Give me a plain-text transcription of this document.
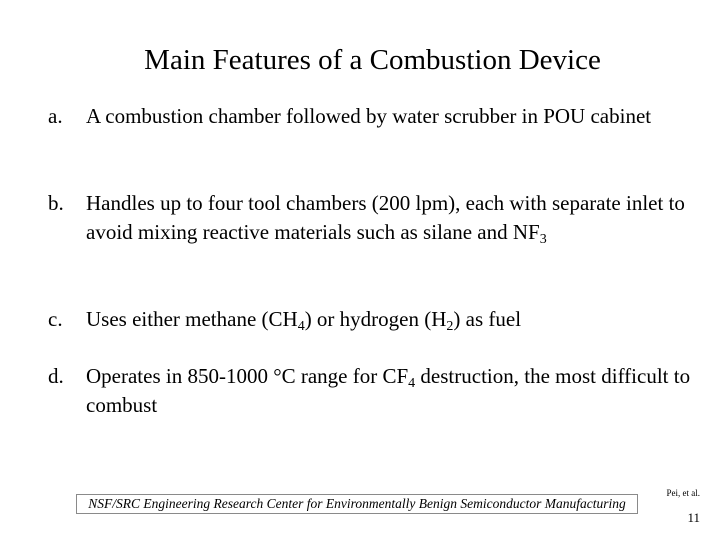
Main Features of a Combustion Device
a. A combustion chamber followed by water scrubber in POU cabinet
b. Handles up to four tool chambers (200 lpm), each with separate inlet to avoid mixing reactive materials such as silane and $NF_3$
c. Uses either methane $(CH_4)$ or hydrogen $(H_2)$ as fuel
d. Operates in 850-1000 °C range for $CF_4$ destruction, the most difficult to combust
NSF/SRC Engineering Research Center for Environmentally Benign Semiconductor Manufacturing
Pei, et al.
11
